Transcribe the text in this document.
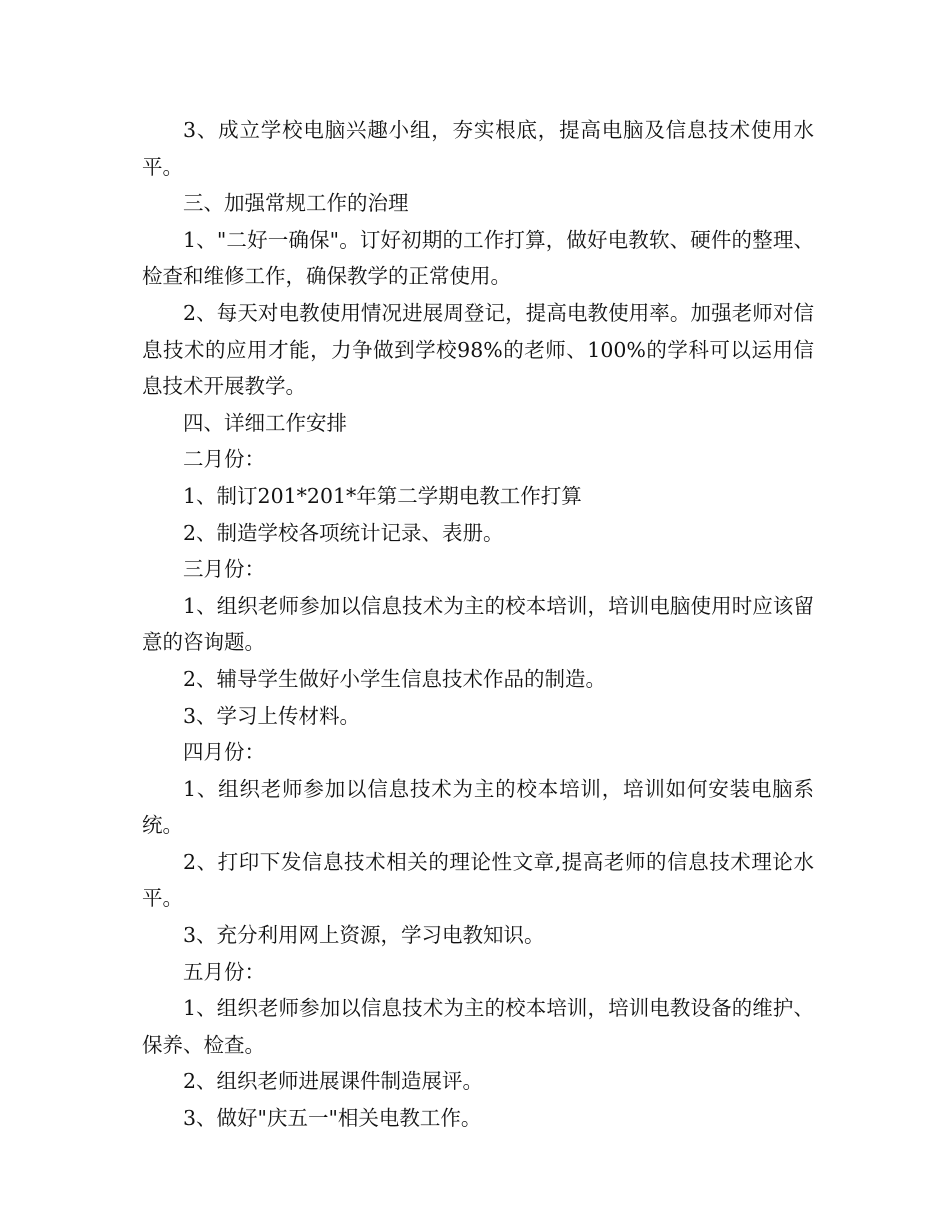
3、成立学校电脑兴趣小组，夯实根底，提高电脑及信息技术使用水平。

三、加强常规工作的治理

1、"二好一确保"。订好初期的工作打算，做好电教软、硬件的整理、检查和维修工作，确保教学的正常使用。

2、每天对电教使用情况进展周登记，提高电教使用率。加强老师对信息技术的应用才能，力争做到学校98%的老师、100%的学科可以运用信息技术开展教学。

四、详细工作安排

二月份：

1、制订201*201*年第二学期电教工作打算

2、制造学校各项统计记录、表册。

三月份：

1、组织老师参加以信息技术为主的校本培训，培训电脑使用时应该留意的咨询题。

2、辅导学生做好小学生信息技术作品的制造。

3、学习上传材料。

四月份：

1、组织老师参加以信息技术为主的校本培训，培训如何安装电脑系统。

2、打印下发信息技术相关的理论性文章,提高老师的信息技术理论水平。

3、充分利用网上资源，学习电教知识。

五月份：

1、组织老师参加以信息技术为主的校本培训，培训电教设备的维护、保养、检查。

2、组织老师进展课件制造展评。

3、做好"庆五一"相关电教工作。
